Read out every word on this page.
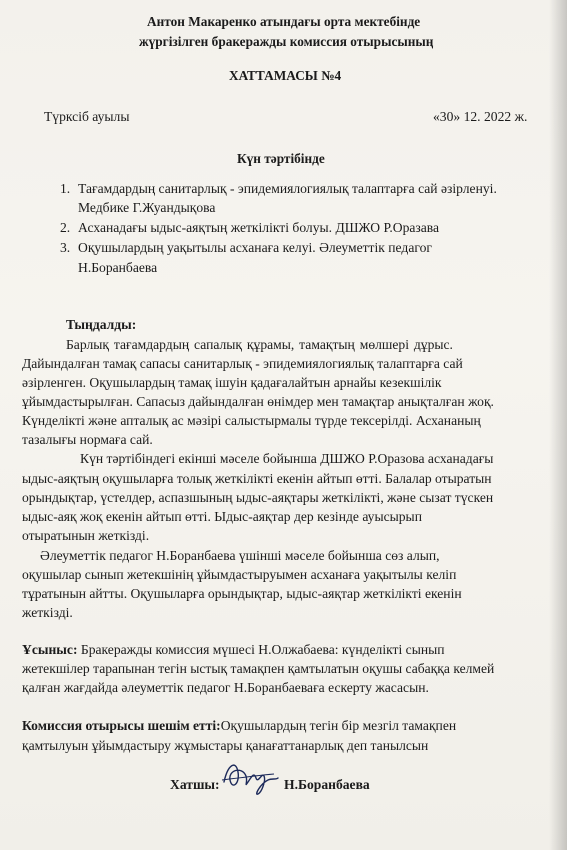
Антон Макаренко атындағы орта мектебінде
жүргізілген бракеражды комиссия отырысының
ХАТТАМАСЫ №4
Түрксіб ауылы	«30» 12. 2022 ж.
Күн тәртібінде
1. Тағамдардың санитарлық - эпидемиялогиялық талаптарға сай әзірленуі.
Медбике Г.Жуандықова
2. Асханадағы ыдыс-аяқтың жеткілікті болуы. ДШЖО Р.Оразава
3. Оқушылардың уақытылы асханаға келуі. Әлеуметтік педагог
Н.Боранбаева
Тыңдалды:
Барлық тағамдардың сапалық құрамы, тамақтың мөлшері дұрыс.
Дайындалған тамақ сапасы санитарлық - эпидемиялогиялық талаптарға сай
әзірленген. Оқушылардың тамақ ішуін қадағалайтын арнайы кезекшілік
ұйымдастырылған. Сапасыз дайындалған өнімдер мен тамақтар анықталған жоқ.
Күнделікті және апталық ас мәзірі салыстырмалы түрде тексерілді. Асхананың
тазалығы нормаға сай.
Күн тәртібіндегі екінші мәселе бойынша ДШЖО Р.Оразова асханадағы
ыдыс-аяқтың оқушыларға толық жеткілікті екенін айтып өтті. Балалар отыратын
орындықтар, үстелдер, аспазшының ыдыс-аяқтары жеткілікті, және сызат түскен
ыдыс-аяқ жоқ екенін айтып өтті. Ыдыс-аяқтар дер кезінде ауысырып
отыратынын жеткізді.
Әлеуметтік педагог Н.Боранбаева үшінші мәселе бойынша сөз алып,
оқушылар сынып жетекшінің ұйымдастыруымен асханаға уақытылы келіп
тұратынын айтты. Оқушыларға орындықтар, ыдыс-аяқтар жеткілікті екенін
жеткізді.
Ұсыныс: Бракеражды комиссия мүшесі Н.Олжабаева: күнделікті сынып
жетекшілер тарапынан тегін ыстық тамақпен қамтылатын оқушы сабаққа келмей
қалған жағдайда әлеуметтік педагог Н.Боранбаеваға ескерту жасасын.
Комиссия отырысы шешім етті:Оқушылардың тегін бір мезгіл тамақпен
қамтылуын ұйымдастыру жұмыстары қанағаттанарлық деп танылсын
Хатшы:	Н.Боранбаева
